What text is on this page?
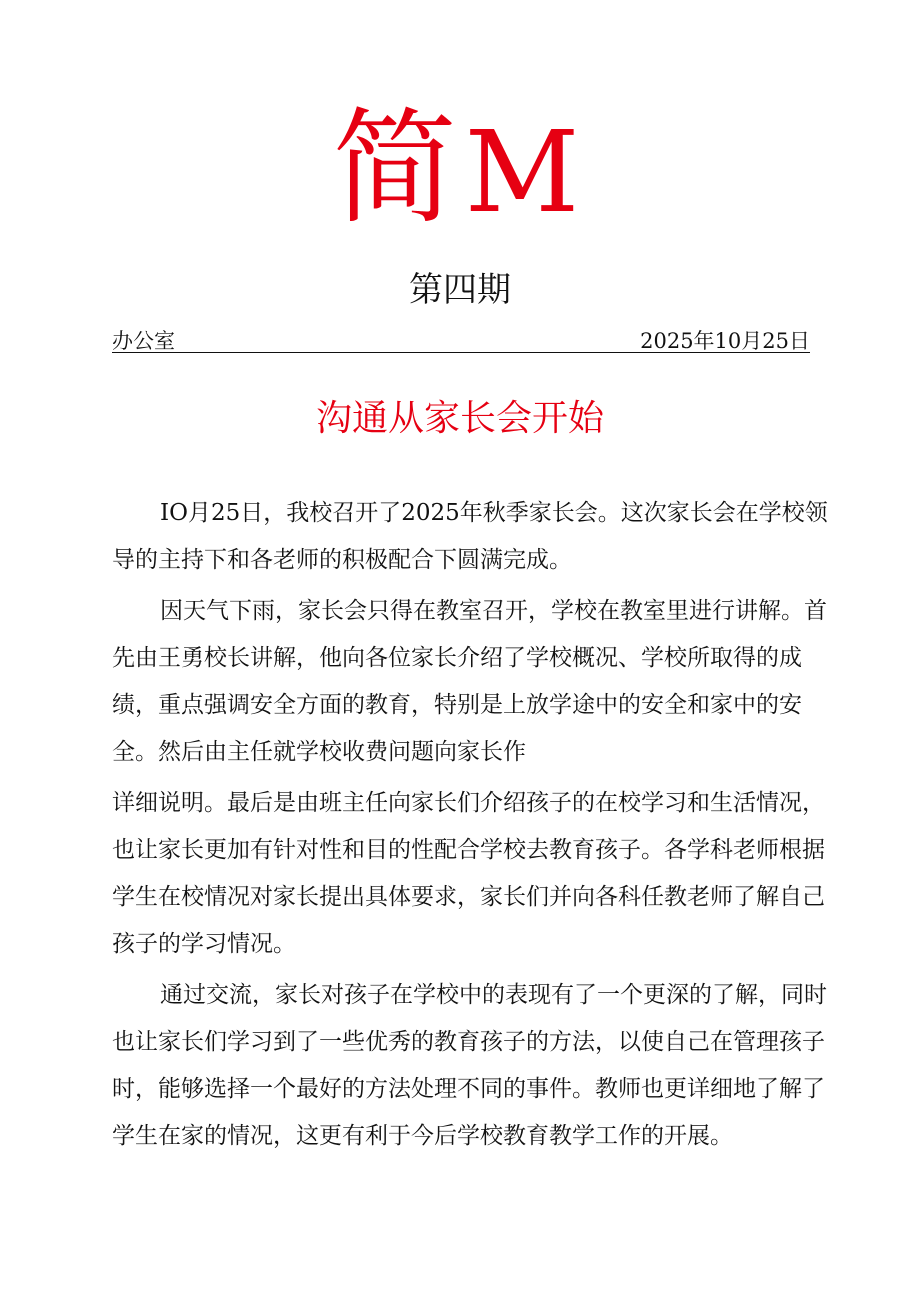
简M
第四期
办公室	2025年10月25日
沟通从家长会开始

IO月25日，我校召开了2025年秋季家长会。这次家长会在学校领导的主持下和各老师的积极配合下圆满完成。

因天气下雨，家长会只得在教室召开，学校在教室里进行讲解。首先由王勇校长讲解，他向各位家长介绍了学校概况、学校所取得的成绩，重点强调安全方面的教育，特别是上放学途中的安全和家中的安全。然后由主任就学校收费问题向家长作

详细说明。最后是由班主任向家长们介绍孩子的在校学习和生活情况，也让家长更加有针对性和目的性配合学校去教育孩子。各学科老师根据学生在校情况对家长提出具体要求，家长们并向各科任教老师了解自己孩子的学习情况。

通过交流，家长对孩子在学校中的表现有了一个更深的了解，同时也让家长们学习到了一些优秀的教育孩子的方法，以使自己在管理孩子时，能够选择一个最好的方法处理不同的事件。教师也更详细地了解了学生在家的情况，这更有利于今后学校教育教学工作的开展。
